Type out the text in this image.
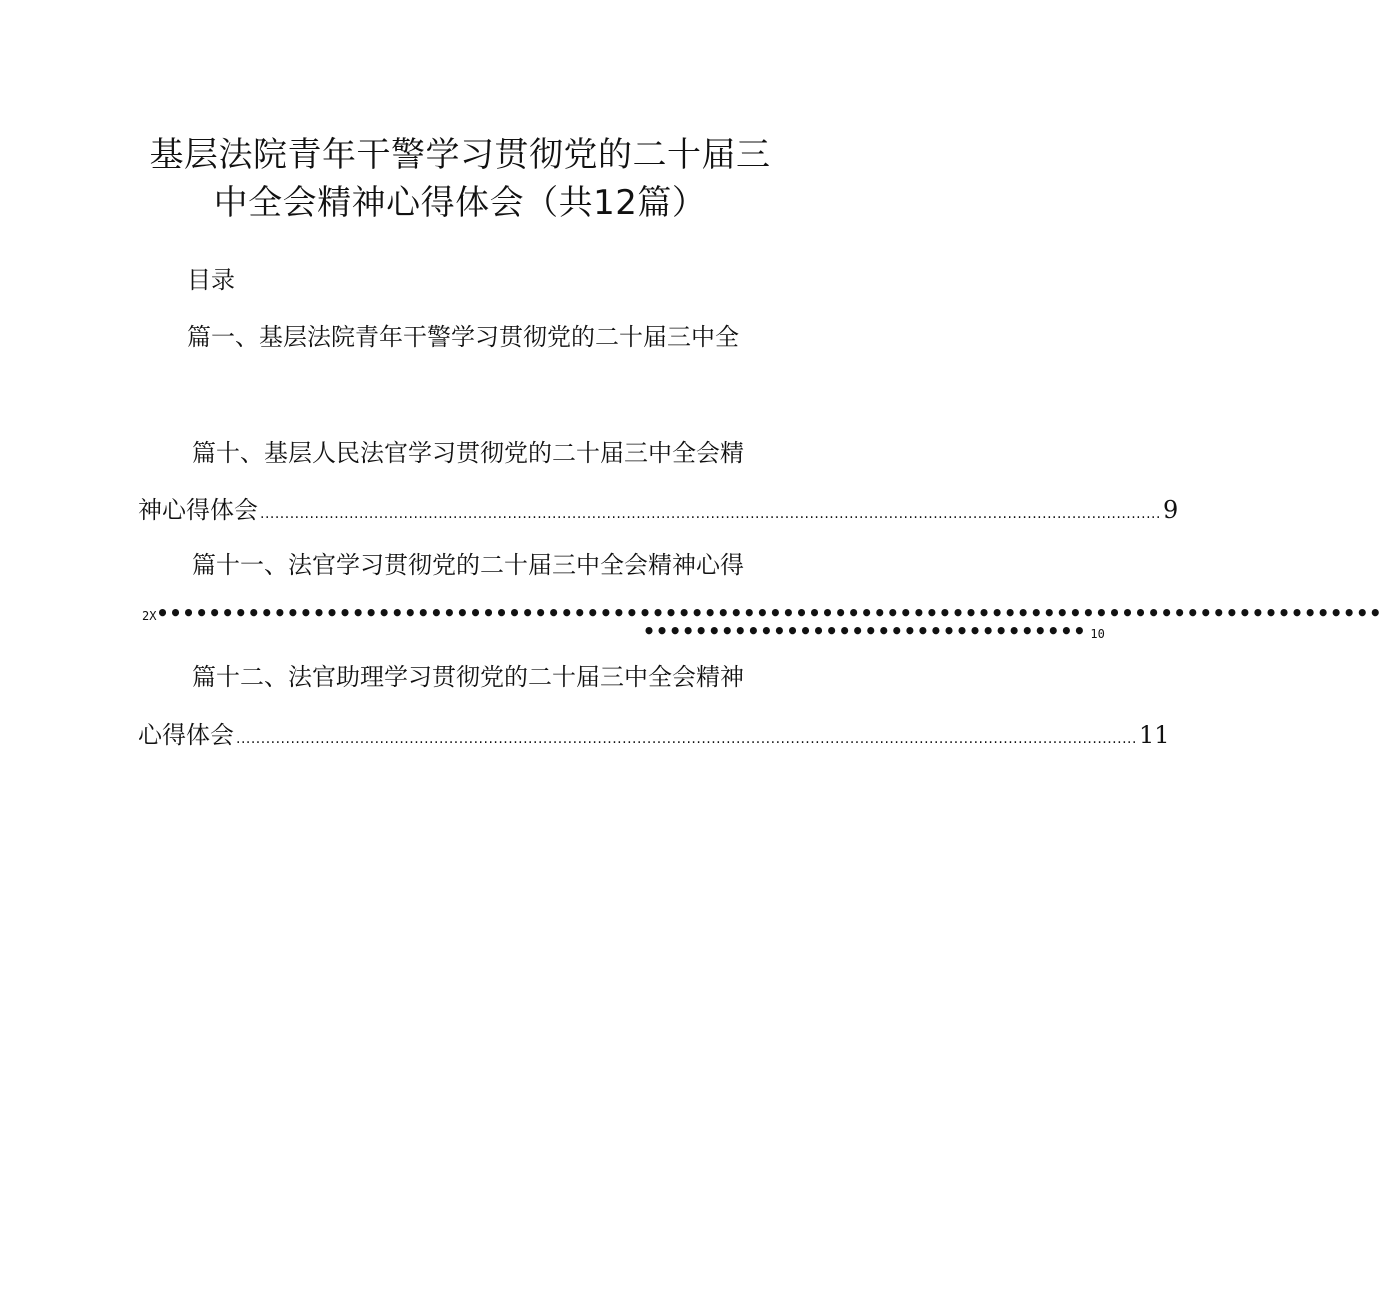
基层法院青年干警学习贯彻党的二十届三
中全会精神心得体会（共12篇）
目录
篇一、基层法院青年干警学习贯彻党的二十届三中全
篇十、基层人民法官学习贯彻党的二十届三中全会精
神心得体会 ...................................................................................................................................................................................... 9
篇十一、法官学习贯彻党的二十届三中全会精神心得
2X ••••••••••••••••••••••••••••••••••••••••••••••••••••••••••••••••••••••••••••••••••••••••••••••
•••••••••••••••••••••••••••••••••• 10
篇十二、法官助理学习贯彻党的二十届三中全会精神
心得体会 ...................................................................................................................................................................................... 11
